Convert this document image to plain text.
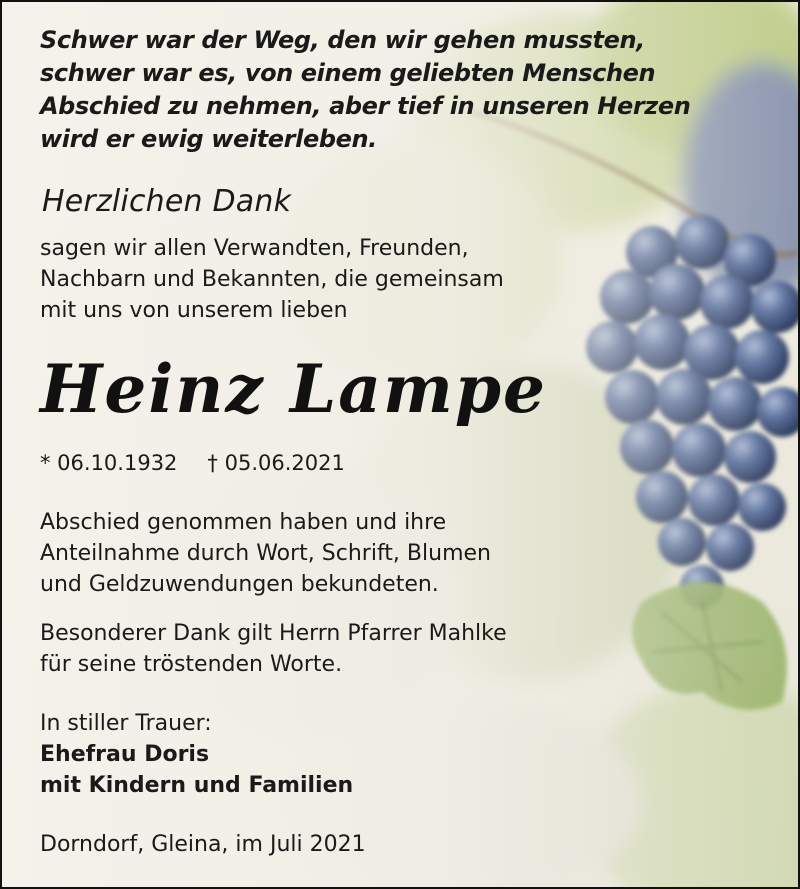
Schwer war der Weg, den wir gehen mussten,
schwer war es, von einem geliebten Menschen
Abschied zu nehmen, aber tief in unseren Herzen
wird er ewig weiterleben.
Herzlichen Dank
sagen wir allen Verwandten, Freunden,
Nachbarn und Bekannten, die gemeinsam
mit uns von unserem lieben
Heinz Lampe
* 06.10.1932 † 05.06.2021
Abschied genommen haben und ihre
Anteilnahme durch Wort, Schrift, Blumen
und Geldzuwendungen bekundeten.
Besonderer Dank gilt Herrn Pfarrer Mahlke
für seine tröstenden Worte.
In stiller Trauer:
Ehefrau Doris
mit Kindern und Familien
Dorndorf, Gleina, im Juli 2021
